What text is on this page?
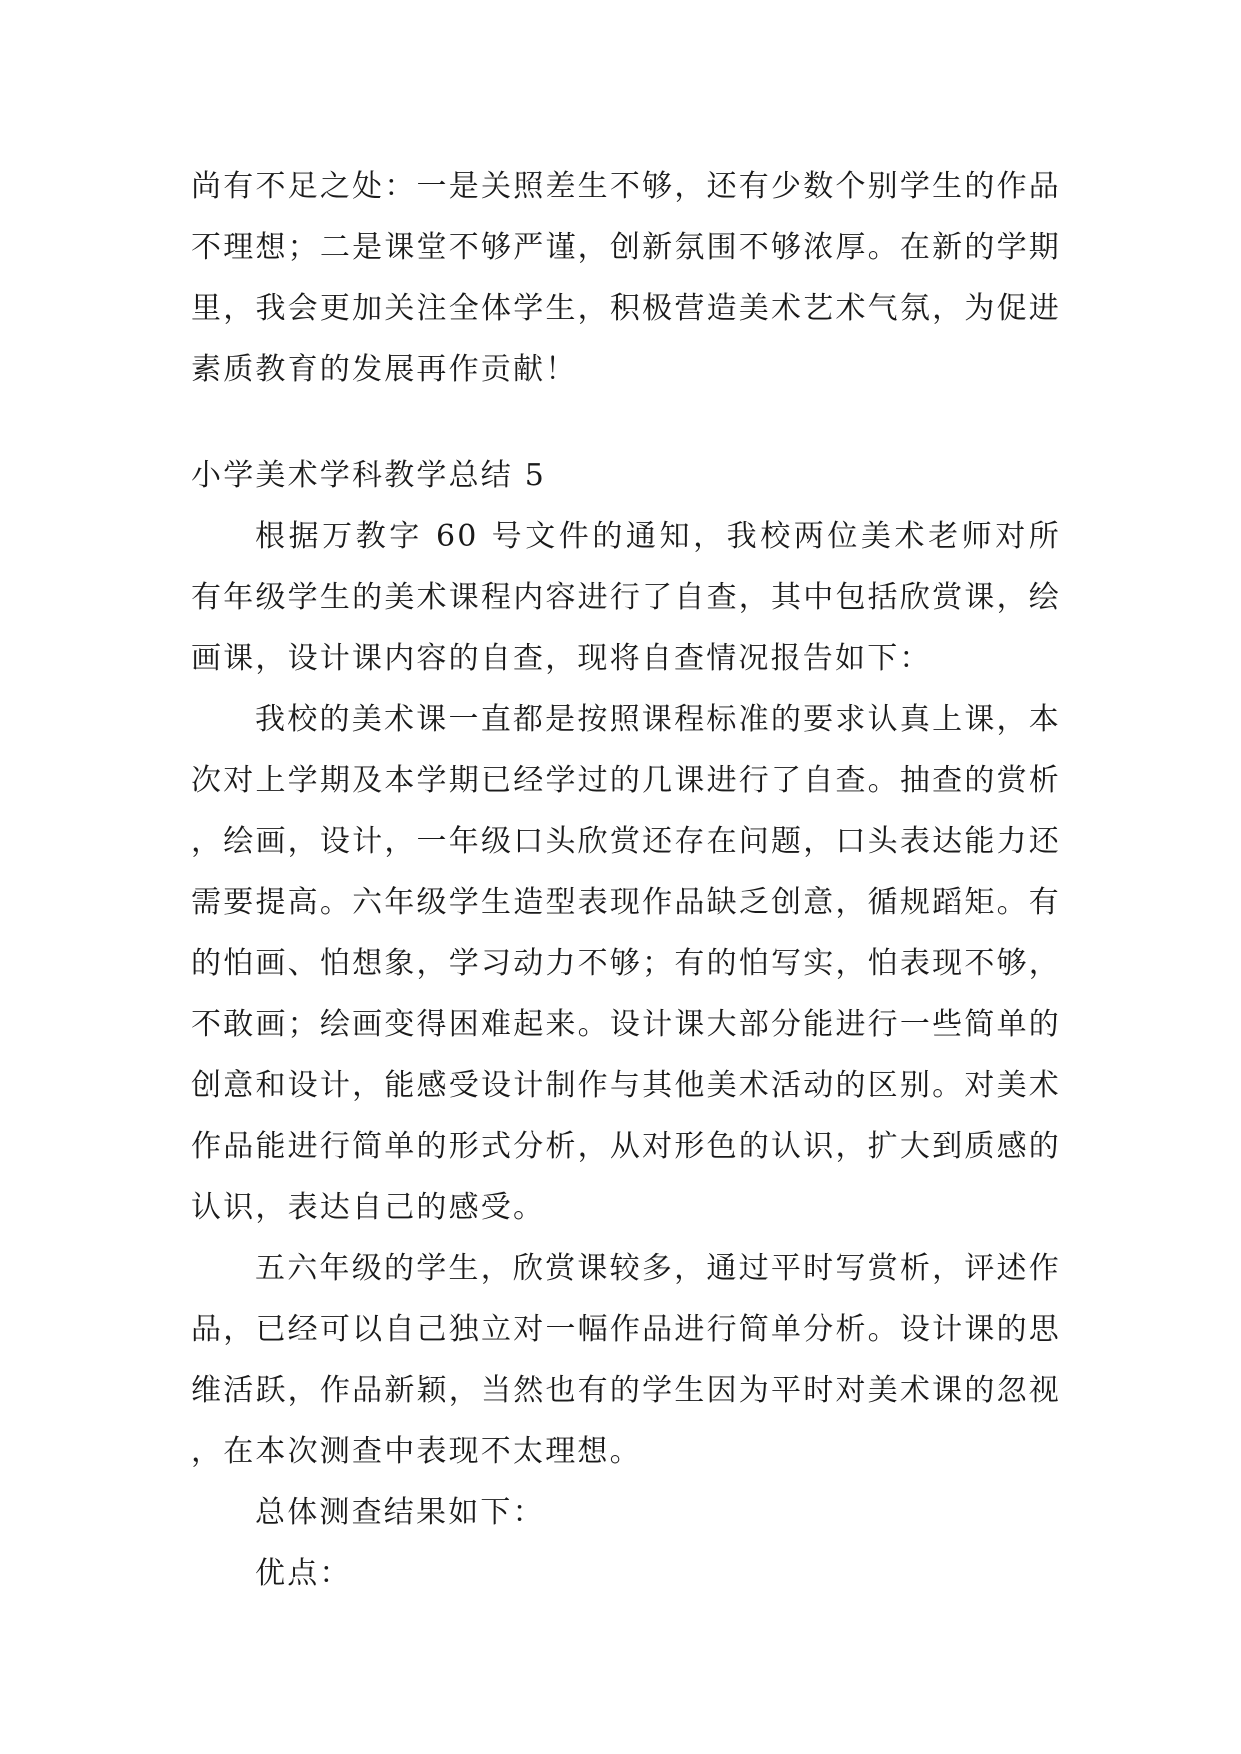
尚有不足之处：一是关照差生不够，还有少数个别学生的作品不理想；二是课堂不够严谨，创新氛围不够浓厚。在新的学期里，我会更加关注全体学生，积极营造美术艺术气氛，为促进素质教育的发展再作贡献！

小学美术学科教学总结 5

根据万教字 60 号文件的通知，我校两位美术老师对所有年级学生的美术课程内容进行了自查，其中包括欣赏课，绘画课，设计课内容的自查，现将自查情况报告如下：

我校的美术课一直都是按照课程标准的要求认真上课，本次对上学期及本学期已经学过的几课进行了自查。抽查的赏析，绘画，设计，一年级口头欣赏还存在问题，口头表达能力还需要提高。六年级学生造型表现作品缺乏创意，循规蹈矩。有的怕画、怕想象，学习动力不够；有的怕写实，怕表现不够，不敢画；绘画变得困难起来。设计课大部分能进行一些简单的创意和设计，能感受设计制作与其他美术活动的区别。对美术作品能进行简单的形式分析，从对形色的认识，扩大到质感的认识，表达自己的感受。

五六年级的学生，欣赏课较多，通过平时写赏析，评述作品，已经可以自己独立对一幅作品进行简单分析。设计课的思维活跃，作品新颖，当然也有的学生因为平时对美术课的忽视，在本次测查中表现不太理想。

总体测查结果如下：

优点：
